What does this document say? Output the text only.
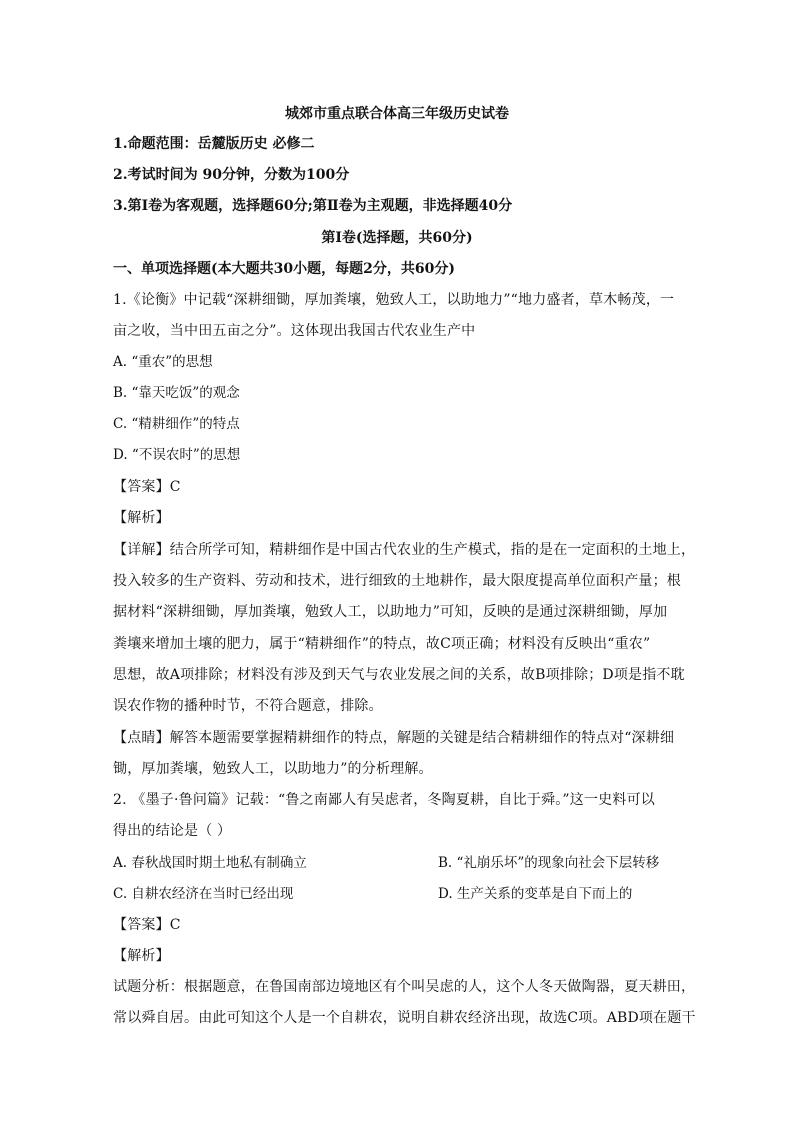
城郊市重点联合体高三年级历史试卷
1.命题范围：岳麓版历史 必修二
2.考试时间为 90分钟，分数为100分
3.第Ⅰ卷为客观题，选择题60分;第Ⅱ卷为主观题，非选择题40分
第Ⅰ卷(选择题，共60分)
一、单项选择题(本大题共30小题，每题2分，共60分)
1.《论衡》中记载“深耕细锄，厚加粪壤，勉致人工，以助地力”“地力盛者，草木畅茂，一
亩之收，当中田五亩之分”。这体现出我国古代农业生产中
A. “重农”的思想
B. “靠天吃饭”的观念
C. “精耕细作”的特点
D. “不误农时”的思想
【答案】C
【解析】
【详解】结合所学可知，精耕细作是中国古代农业的生产模式，指的是在一定面积的土地上，
投入较多的生产资料、劳动和技术，进行细致的土地耕作，最大限度提高单位面积产量；根
据材料“深耕细锄，厚加粪壤，勉致人工，以助地力”可知，反映的是通过深耕细锄，厚加
粪壤来增加土壤的肥力，属于“精耕细作”的特点，故C项正确；材料没有反映出“重农”
思想，故A项排除；材料没有涉及到天气与农业发展之间的关系，故B项排除；D项是指不耽
误农作物的播种时节，不符合题意，排除。
【点睛】解答本题需要掌握精耕细作的特点，解题的关键是结合精耕细作的特点对“深耕细
锄，厚加粪壤，勉致人工，以助地力”的分析理解。
2. 《墨子·鲁问篇》记载：“鲁之南鄙人有吴虑者，冬陶夏耕，自比于舜。”这一史料可以
得出的结论是（ ）
A. 春秋战国时期土地私有制确立	B. “礼崩乐坏”的现象向社会下层转移
C. 自耕农经济在当时已经出现	D. 生产关系的变革是自下而上的
【答案】C
【解析】
试题分析：根据题意，在鲁国南部边境地区有个叫吴虑的人，这个人冬天做陶器，夏天耕田，
常以舜自居。由此可知这个人是一个自耕农，说明自耕农经济出现，故选C项。ABD项在题干
